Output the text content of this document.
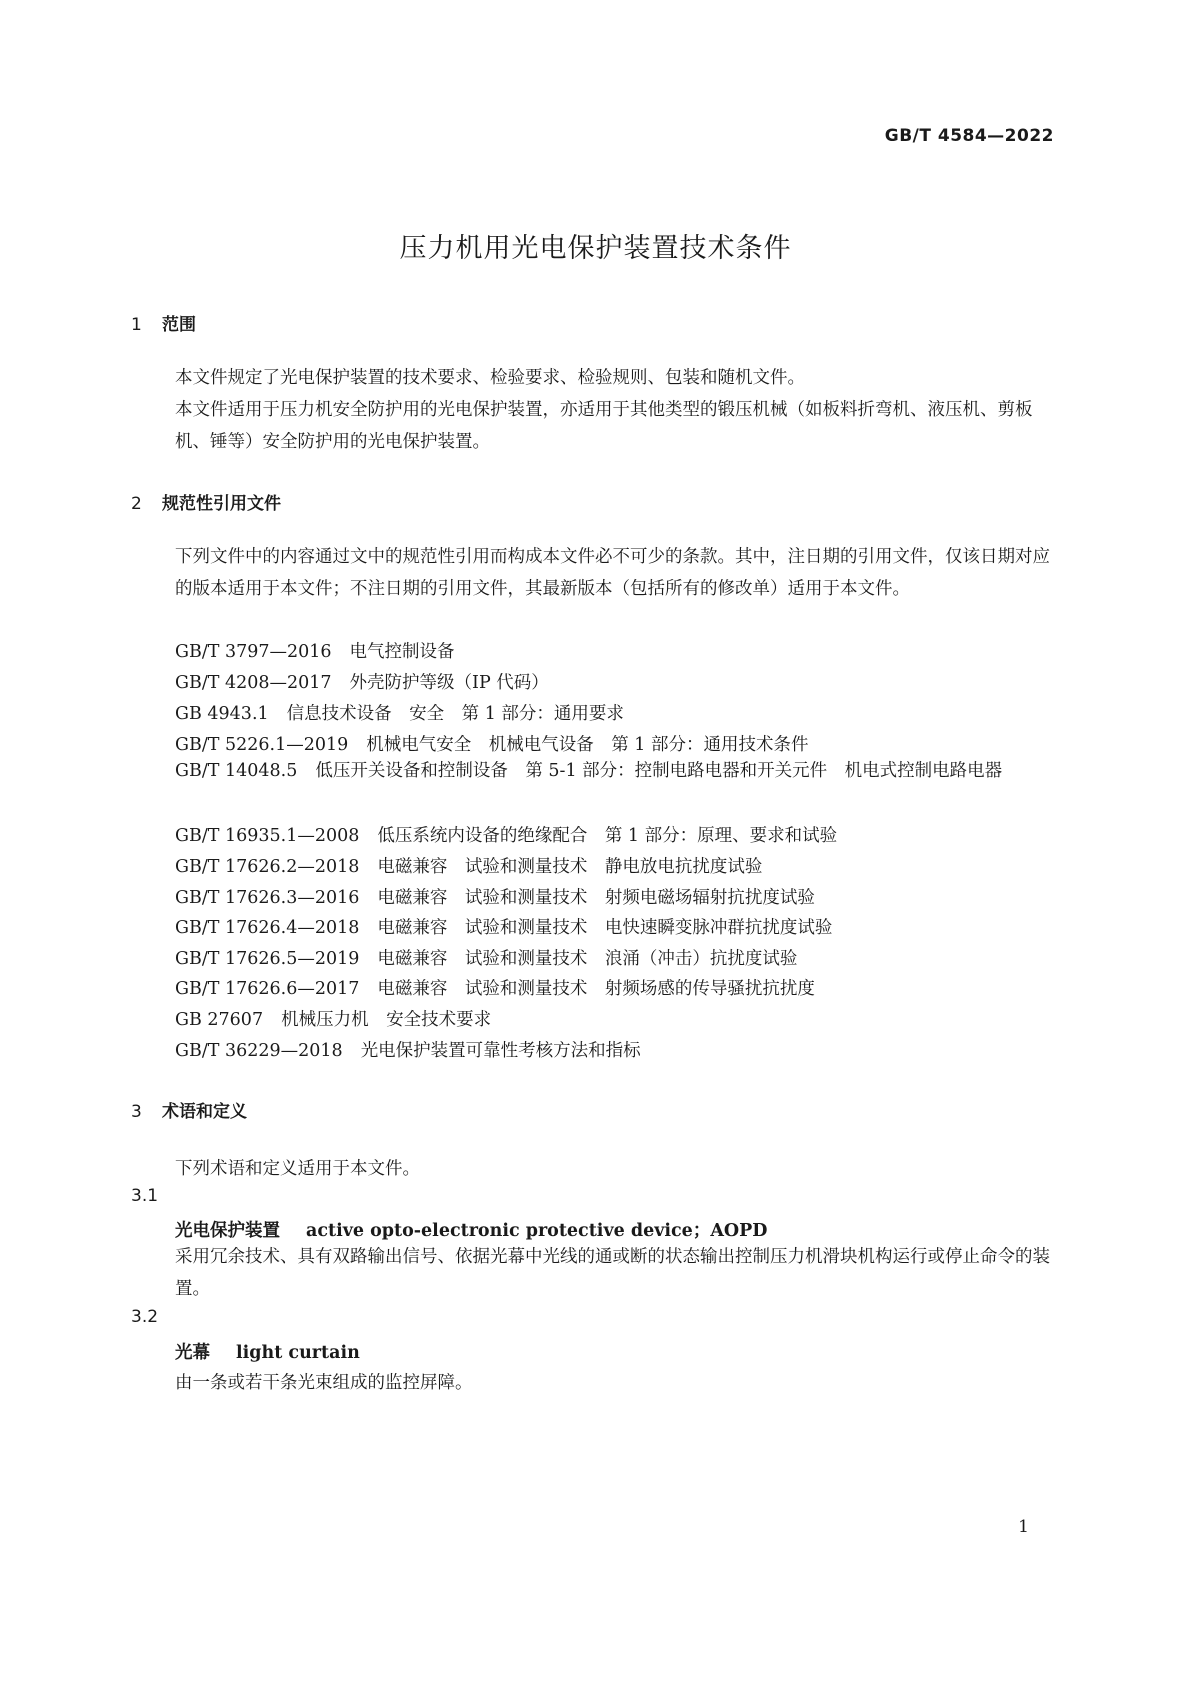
GB/T 4584—2022
压力机用光电保护装置技术条件
1 范围
本文件规定了光电保护装置的技术要求、检验要求、检验规则、包装和随机文件。
本文件适用于压力机安全防护用的光电保护装置，亦适用于其他类型的锻压机械（如板料折弯机、液压机、剪板机、锤等）安全防护用的光电保护装置。
2 规范性引用文件
下列文件中的内容通过文中的规范性引用而构成本文件必不可少的条款。其中，注日期的引用文件，仅该日期对应的版本适用于本文件；不注日期的引用文件，其最新版本（包括所有的修改单）适用于本文件。
GB/T 3797—2016 电气控制设备
GB/T 4208—2017 外壳防护等级（IP 代码）
GB 4943.1 信息技术设备　安全　第 1 部分：通用要求
GB/T 5226.1—2019 机械电气安全　机械电气设备　第 1 部分：通用技术条件
GB/T 14048.5 低压开关设备和控制设备　第 5-1 部分：控制电路电器和开关元件　机电式控制电路电器
GB/T 16935.1—2008 低压系统内设备的绝缘配合　第 1 部分：原理、要求和试验
GB/T 17626.2—2018 电磁兼容　试验和测量技术　静电放电抗扰度试验
GB/T 17626.3—2016 电磁兼容　试验和测量技术　射频电磁场辐射抗扰度试验
GB/T 17626.4—2018 电磁兼容　试验和测量技术　电快速瞬变脉冲群抗扰度试验
GB/T 17626.5—2019 电磁兼容　试验和测量技术　浪涌（冲击）抗扰度试验
GB/T 17626.6—2017 电磁兼容　试验和测量技术　射频场感的传导骚扰抗扰度
GB 27607 机械压力机　安全技术要求
GB/T 36229—2018 光电保护装置可靠性考核方法和指标
3 术语和定义
下列术语和定义适用于本文件。
3.1
光电保护装置 active opto-electronic protective device；AOPD
采用冗余技术、具有双路输出信号、依据光幕中光线的通或断的状态输出控制压力机滑块机构运行或停止命令的装置。
3.2
光幕 light curtain
由一条或若干条光束组成的监控屏障。
1
